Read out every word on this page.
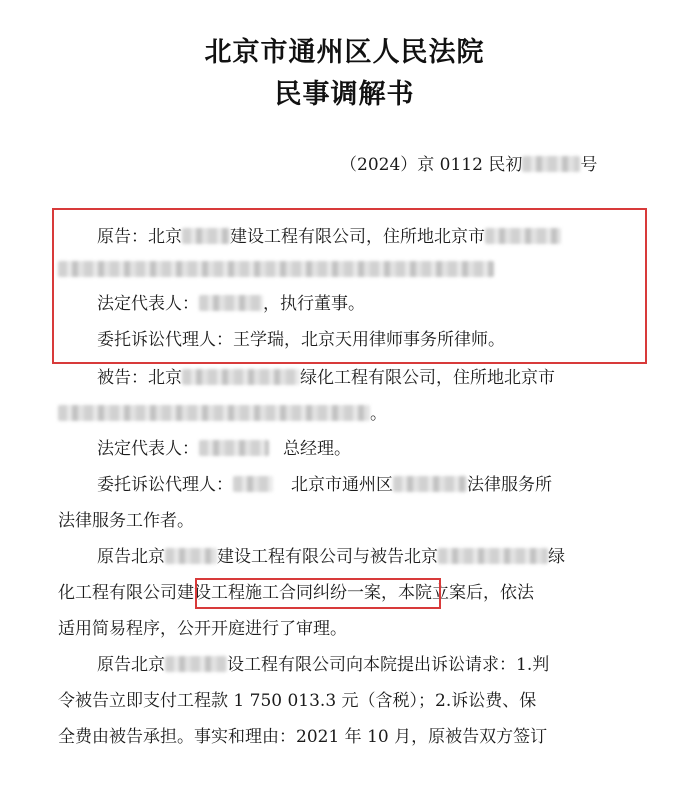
北京市通州区人民法院
民事调解书
（2024）京 0112 民初	号
原告：北京	建设工程有限公司，住所地北京市
法定代表人：	，执行董事。
委托诉讼代理人：王学瑞，北京天用律师事务所律师。
被告：北京	绿化工程有限公司，住所地北京市
。
法定代表人：	总经理。
委托诉讼代理人：	北京市通州区	法律服务所
法律服务工作者。
原告北京	建设工程有限公司与被告北京	绿
化工程有限公司建设工程施工合同纠纷一案，本院立案后，依法
适用简易程序，公开开庭进行了审理。
原告北京	设工程有限公司向本院提出诉讼请求：1.判
令被告立即支付工程款 1 750 013.3 元（含税）；2.诉讼费、保
全费由被告承担。事实和理由：2021 年 10 月，原被告双方签订
